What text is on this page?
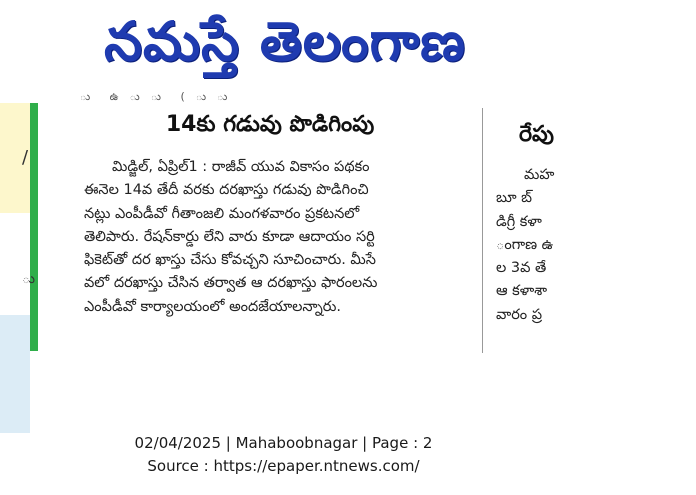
నమస్తే తెలంగాణ
/
ు
ు ఉ ు ు ( ు ు
14కు గడువు పొడిగింపు
మిడ్జిల్, ఏప్రిల్1 : రాజీవ్ యువ వికాసం పథకం
ఈనెల 14వ తేదీ వరకు దరఖాస్తు గడువు పొడిగించి
నట్లు ఎంపీడీవో గీతాంజలి మంగళవారం ప్రకటనలో
తెలిపారు. రేషన్‌కార్డు లేని వారు కూడా ఆదాయం సర్టి
ఫికెట్‌తో దర ఖాస్తు చేసు కోవచ్చని సూచించారు. మీసే
వలో దరఖాస్తు చేసిన తర్వాత ఆ దరఖాస్తు ఫారంలను
ఎంపీడీవో కార్యాలయంలో అందజేయాలన్నారు.
రేపు
మహ
బూ బ్
డిగ్రీ కళా
ంగాణ ఉ
ల 3వ తే
ఆ కళాశా
వారం ప్ర
02/04/2025 | Mahaboobnagar | Page : 2
Source : https://epaper.ntnews.com/
